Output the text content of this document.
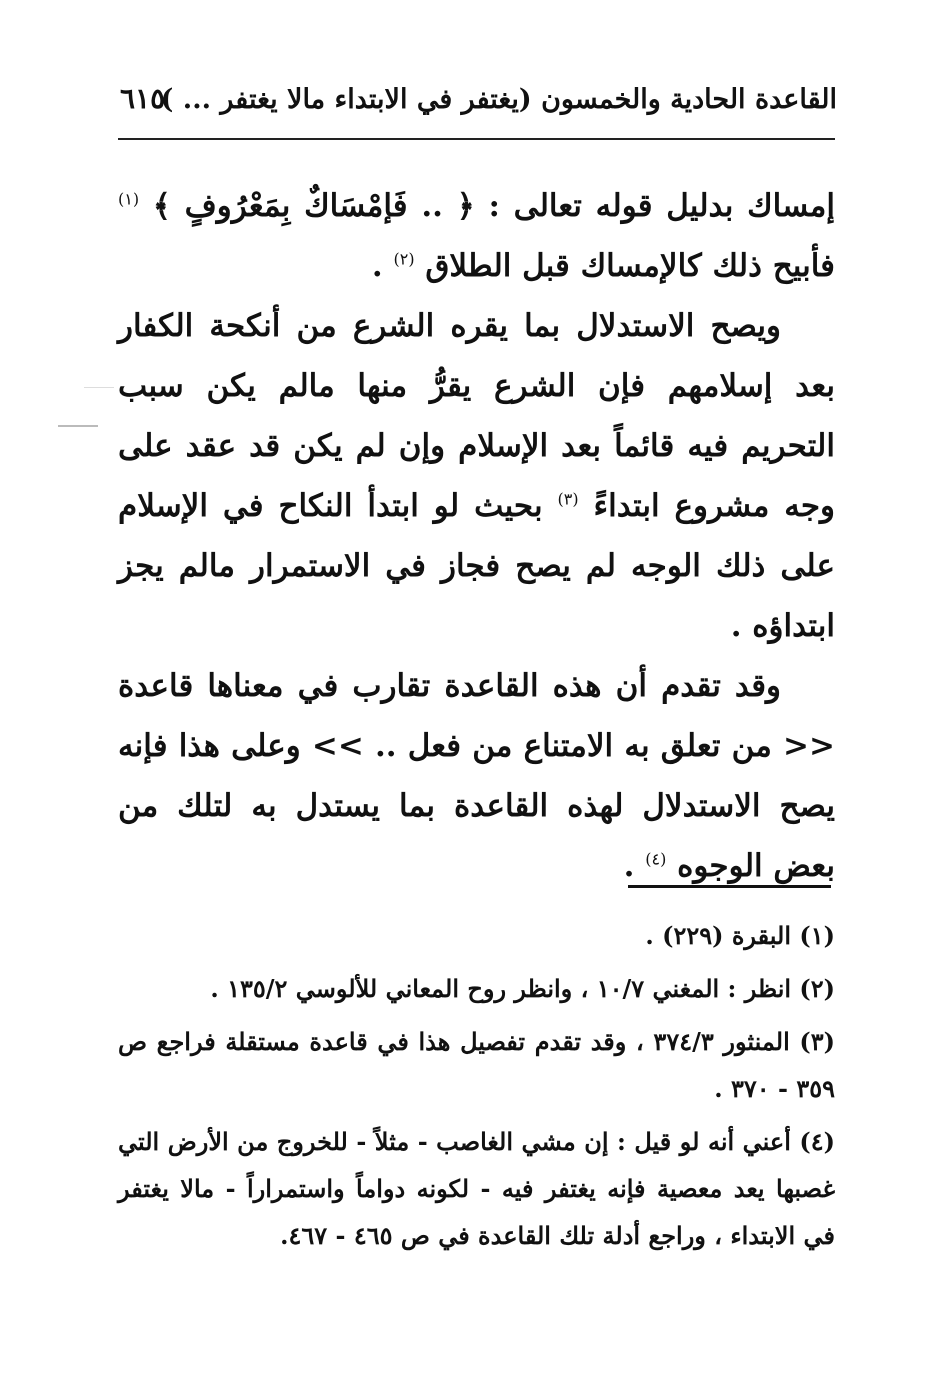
القاعدة الحادية والخمسون (يغتفر في الابتداء مالا يغتفر ... )
٦١٥

إمساك بدليل قوله تعالى : ﴿ .. فَإمْسَاكٌ بِمَعْرُوفٍ ﴾ $^{(١)}$ فأبيح ذلك كالإمساك قبل الطلاق $^{(٢)}$ .

ويصح الاستدلال بما يقره الشرع من أنكحة الكفار بعد إسلامهم فإن الشرع يقرُّ منها مالم يكن سبب التحريم فيه قائماً بعد الإسلام وإن لم يكن قد عقد على وجه مشروع ابتداءً $^{(٣)}$ بحيث لو ابتدأ النكاح في الإسلام على ذلك الوجه لم يصح فجاز في الاستمرار مالم يجز ابتداؤه .

وقد تقدم أن هذه القاعدة تقارب في معناها قاعدة << من تعلق به الامتناع من فعل .. >> وعلى هذا فإنه يصح الاستدلال لهذه القاعدة بما يستدل به لتلك من بعض الوجوه $^{(٤)}$ .

(١) البقرة (٢٢٩) .

(٢) انظر : المغني ١٠/٧ ، وانظر روح المعاني للألوسي ١٣٥/٢ .

(٣) المنثور ٣٧٤/٣ ، وقد تقدم تفصيل هذا في قاعدة مستقلة فراجع ص ٣٥٩ - ٣٧٠ .

(٤) أعني أنه لو قيل : إن مشي الغاصب - مثلاً - للخروج من الأرض التي غصبها يعد معصية فإنه يغتفر فيه - لكونه دواماً واستمراراً - مالا يغتفر في الابتداء ، وراجع أدلة تلك القاعدة في ص ٤٦٥ - ٤٦٧.
